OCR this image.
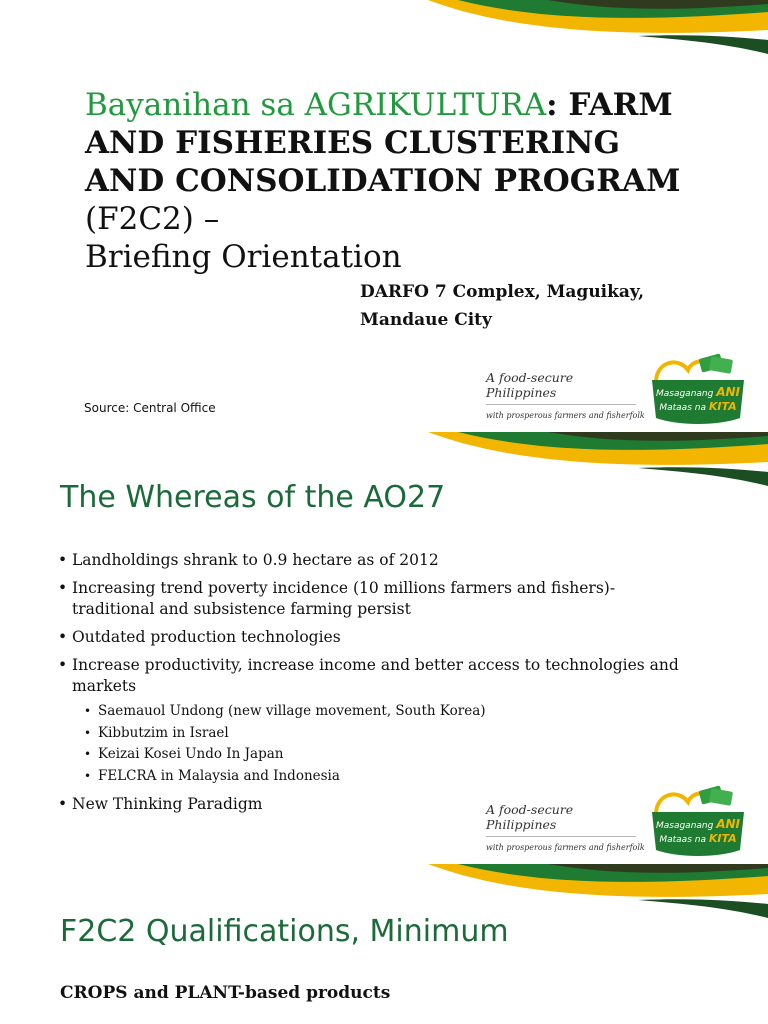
Bayanihan sa AGRIKULTURA: FARM AND FISHERIES CLUSTERING AND CONSOLIDATION PROGRAM (F2C2) –
Briefing Orientation
DARFO 7 Complex, Maguikay,
Mandaue City
A food-secure Philippines
with prosperous farmers and fisherfolk
Masaganang ANI
Mataas na KITA
Source: Central Office
The Whereas of the AO27
• Landholdings shrank to 0.9 hectare as of 2012
• Increasing trend poverty incidence (10 millions farmers and fishers)- traditional and subsistence farming persist
• Outdated production technologies
• Increase productivity, increase income and better access to technologies and markets
• Saemauol Undong (new village movement, South Korea)
• Kibbutzim in Israel
• Keizai Kosei Undo In Japan
• FELCRA in Malaysia and Indonesia
• New Thinking Paradigm	A food-secure Philippines
with prosperous farmers and fisherfolk
Masaganang ANI
Mataas na KITA
F2C2 Qualifications, Minimum
CROPS and PLANT-based products
